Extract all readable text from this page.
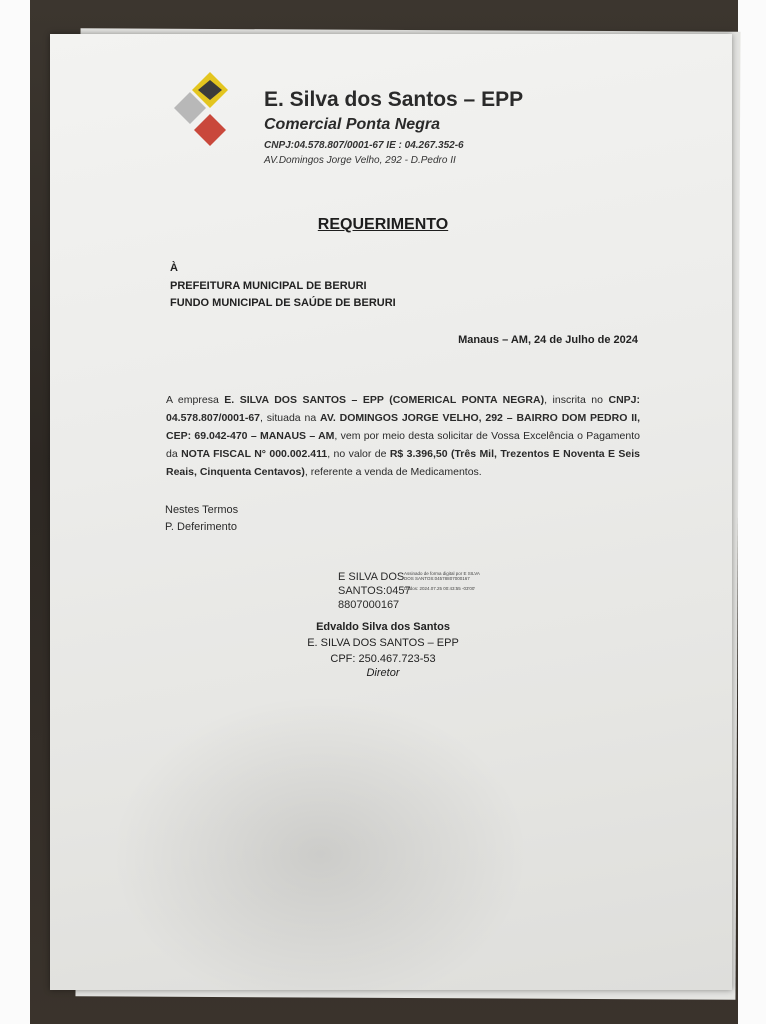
E. Silva dos Santos – EPP
Comercial Ponta Negra
CNPJ:04.578.807/0001-67 IE : 04.267.352-6
AV.Domingos Jorge Velho, 292 - D.Pedro II
REQUERIMENTO
À
PREFEITURA MUNICIPAL DE BERURI
FUNDO MUNICIPAL DE SAÚDE DE BERURI
Manaus – AM, 24 de Julho de 2024
A empresa E. SILVA DOS SANTOS – EPP (COMERICAL PONTA NEGRA), inscrita no CNPJ: 04.578.807/0001-67, situada na AV. DOMINGOS JORGE VELHO, 292 – BAIRRO DOM PEDRO II, CEP: 69.042-470 – MANAUS – AM, vem por meio desta solicitar de Vossa Excelência o Pagamento da NOTA FISCAL N° 000.002.411, no valor de R$ 3.396,50 (Três Mil, Trezentos E Noventa E Seis Reais, Cinquenta Centavos), referente a venda de Medicamentos.
Nestes Termos
P. Deferimento
E SILVA DOS
SANTOS:0457
8807000167
Assinado de forma digital por E SILVA DOS SANTOS:04578807000167
Dados: 2024.07.25 00:43:55 -03'00'
Edvaldo Silva dos Santos
E. SILVA DOS SANTOS – EPP
CPF: 250.467.723-53
Diretor
